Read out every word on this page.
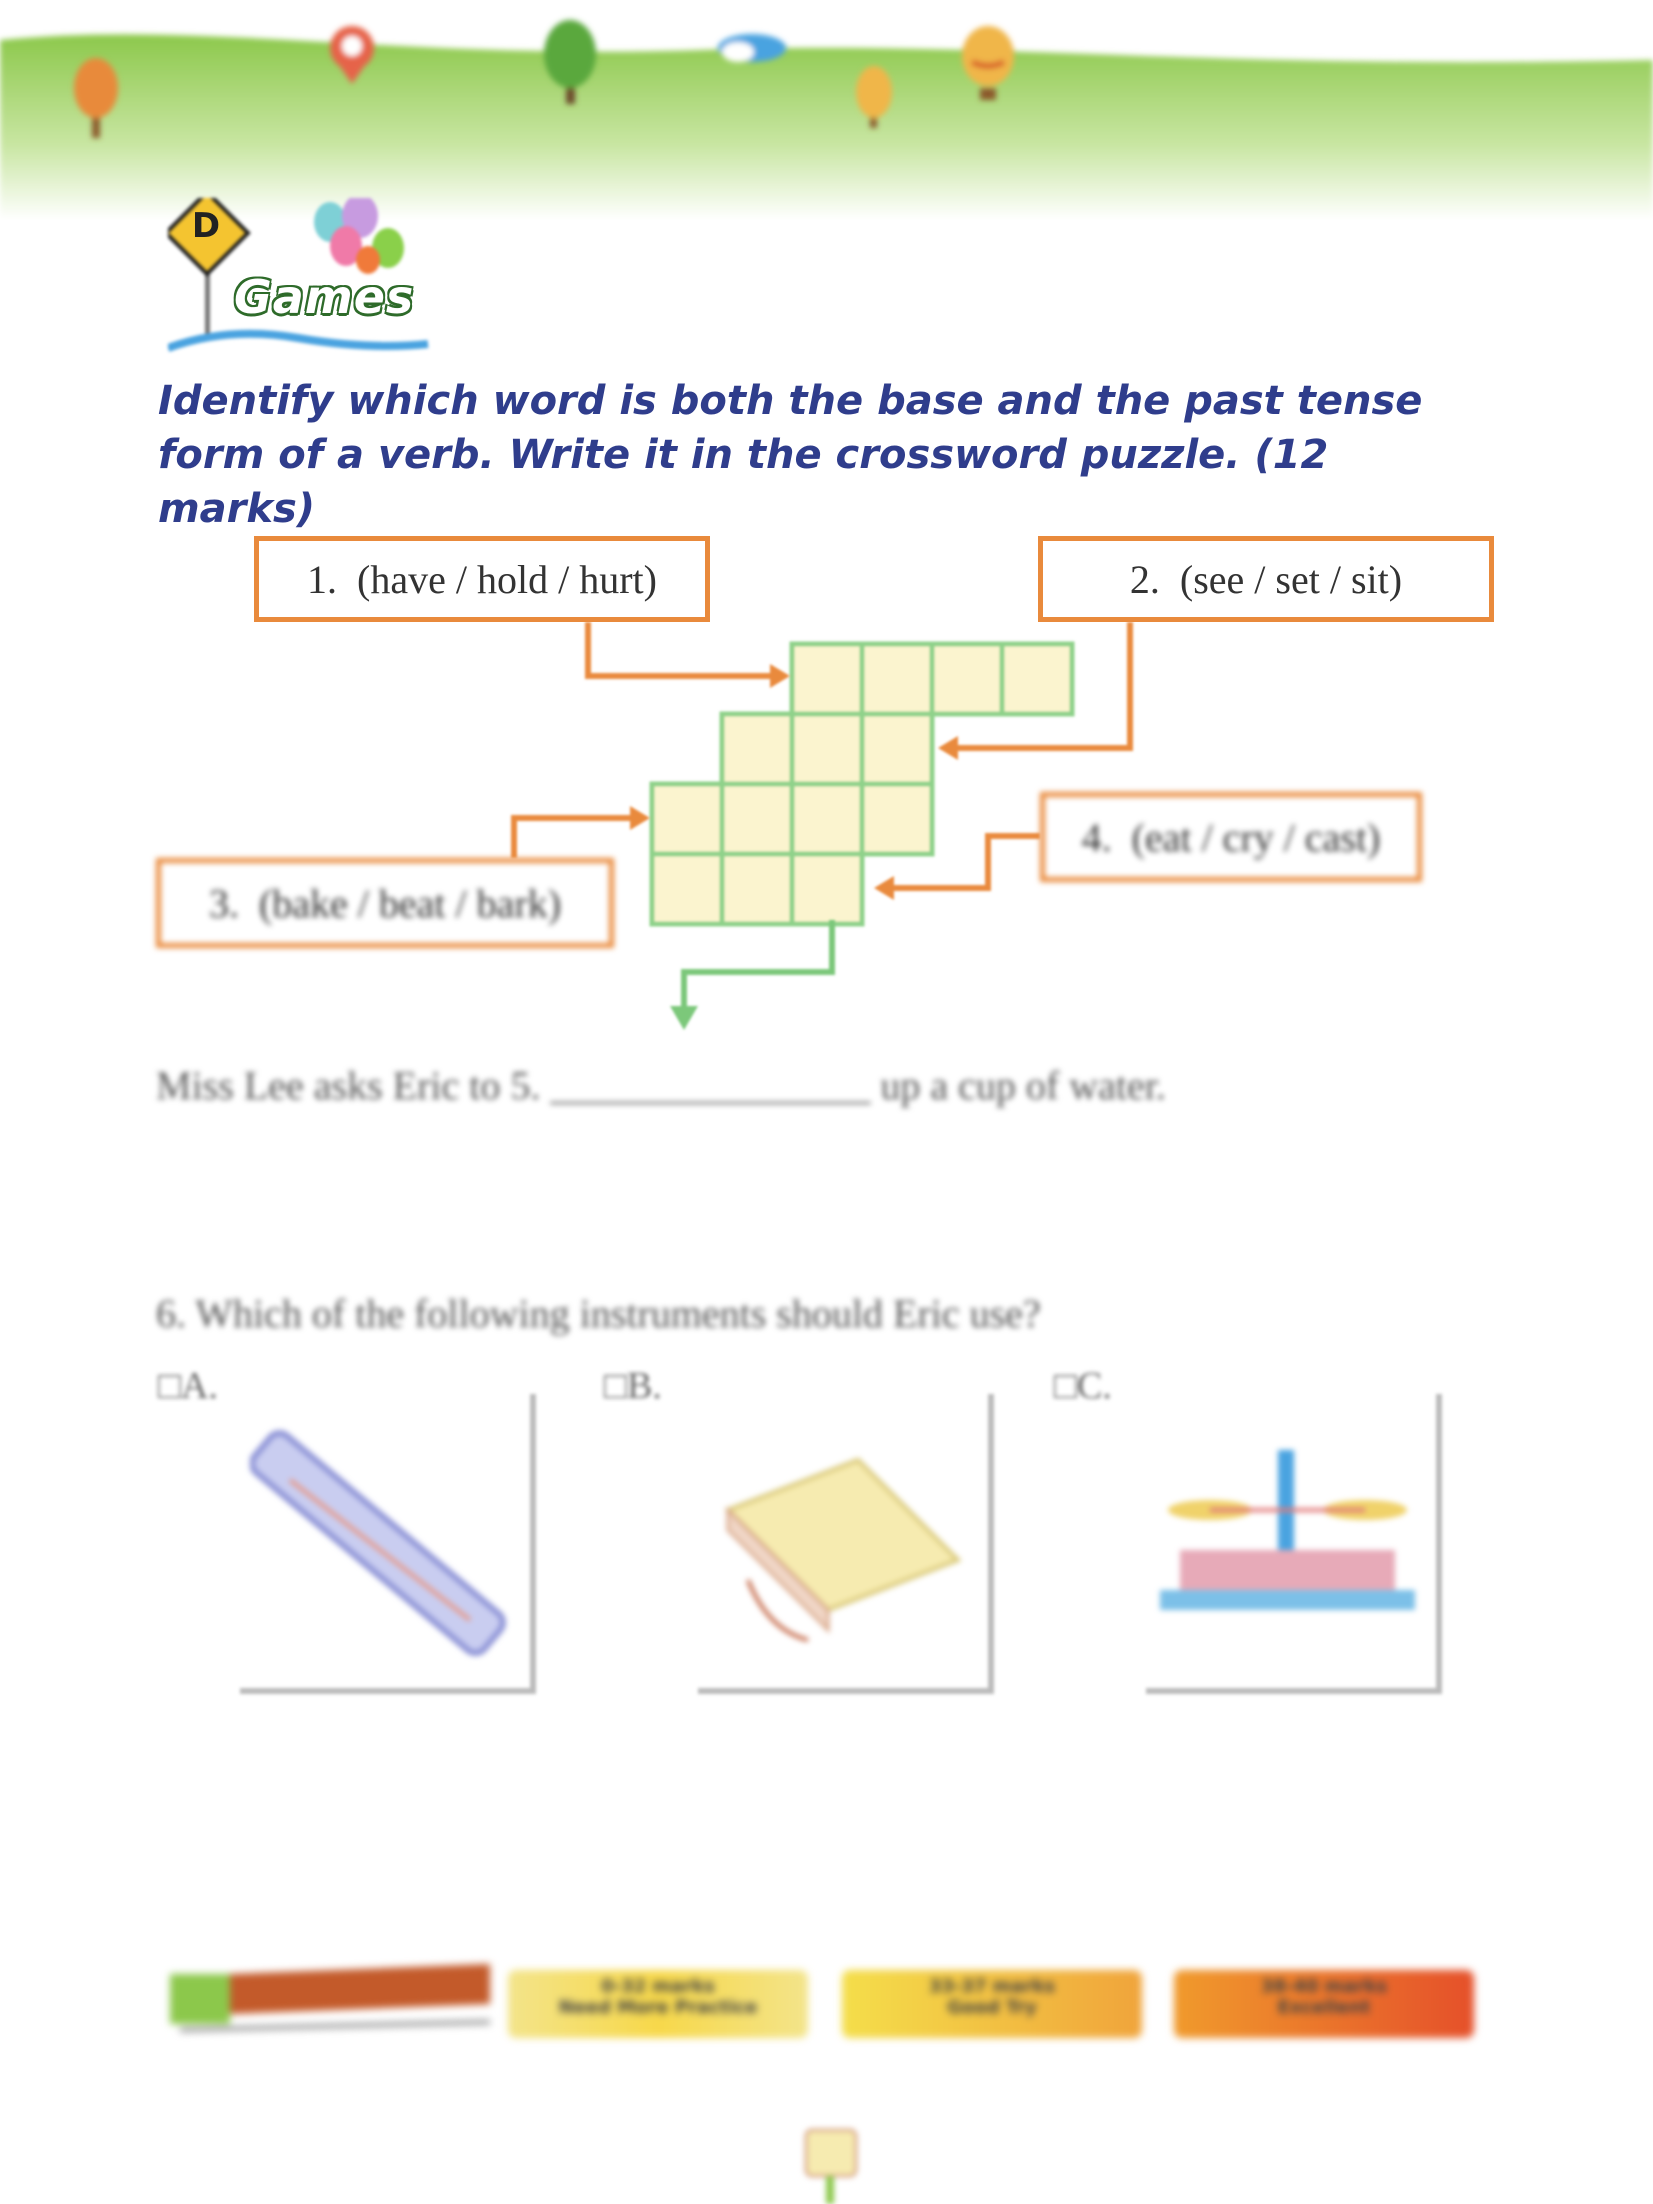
D
Games
Identify which word is both the base and the past tense form of a verb. Write it in the crossword puzzle. (12 marks)
1.
(have / hold / hurt)	2.
(see / set / sit)
3.
(bake / beat / bark)
4.
(eat / cry / cast)
Miss Lee asks Eric to 5. ________________ up a cup of water.
6. Which of the following instruments should Eric use?
□A.	□B.	□C.
0-32 marks
Need More Practice
33-37 marks
Good Try
38-40 marks
Excellent
